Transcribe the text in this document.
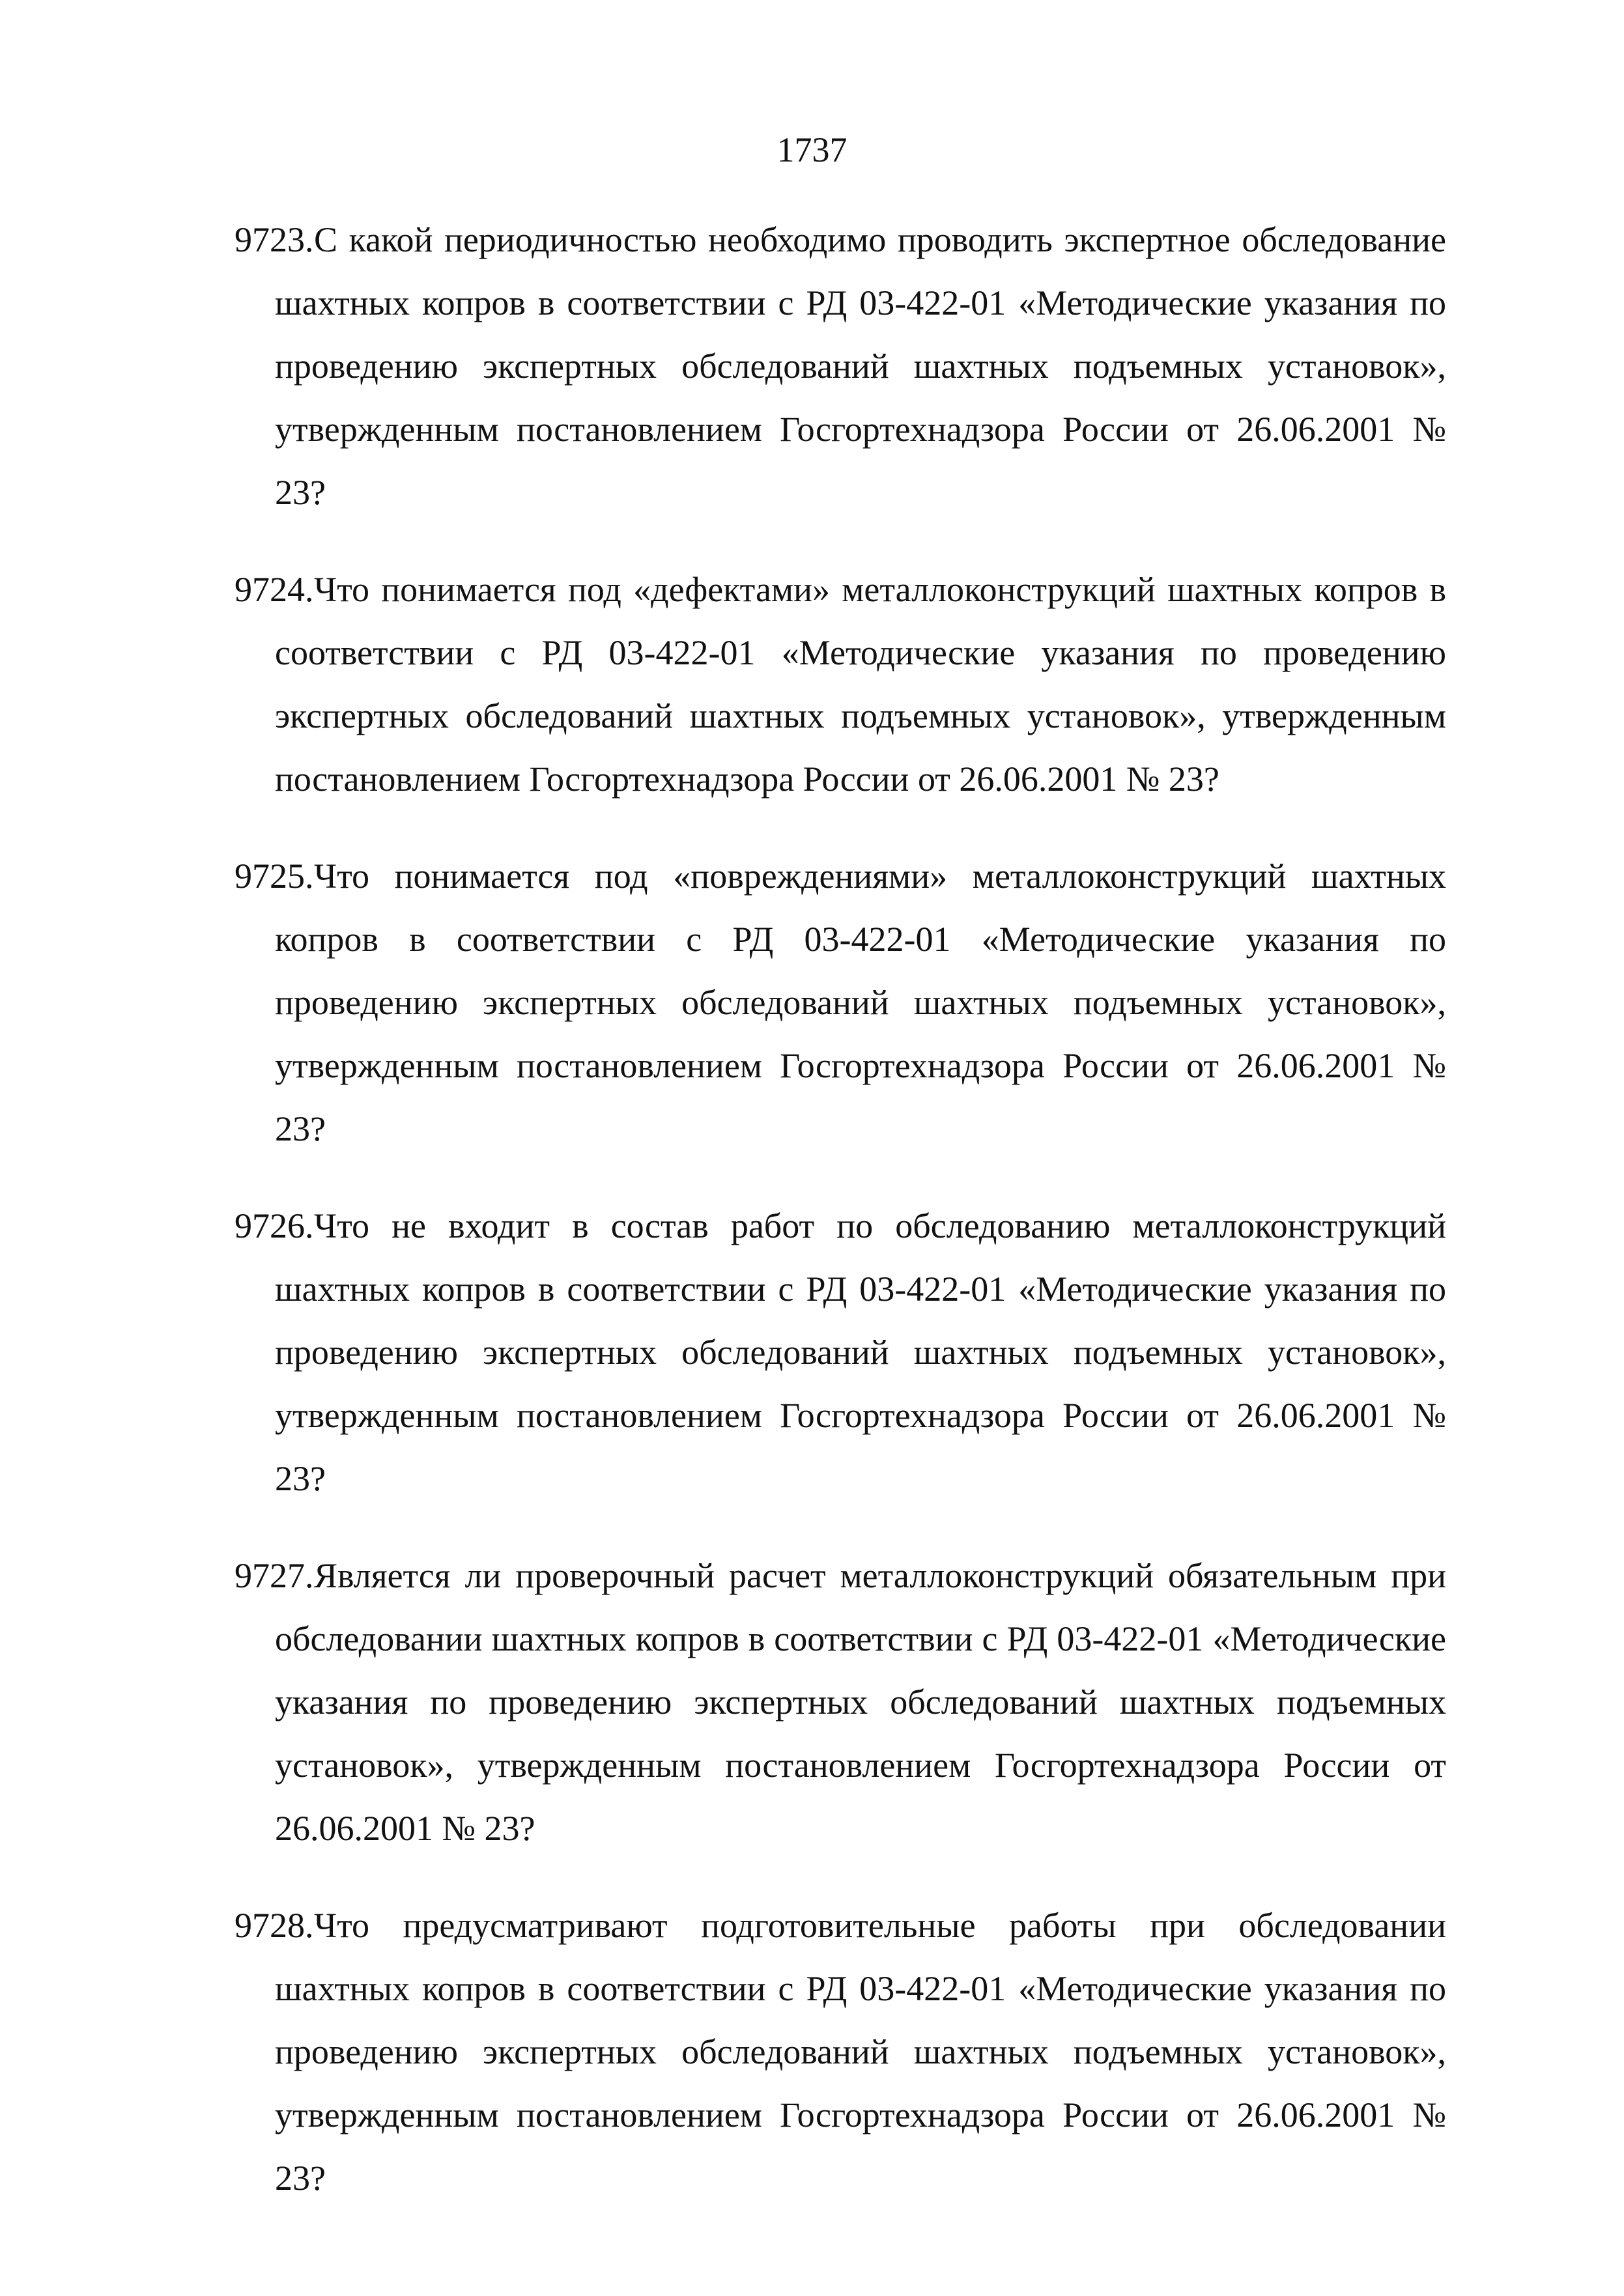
1737
9723. С какой периодичностью необходимо проводить экспертное обследование шахтных копров в соответствии с РД 03-422-01 «Методические указания по проведению экспертных обследований шахтных подъемных установок», утвержденным постановлением Госгортехнадзора России от 26.06.2001 № 23?
9724. Что понимается под «дефектами» металлоконструкций шахтных копров в соответствии с РД 03-422-01 «Методические указания по проведению экспертных обследований шахтных подъемных установок», утвержденным постановлением Госгортехнадзора России от 26.06.2001 № 23?
9725. Что понимается под «повреждениями» металлоконструкций шахтных копров в соответствии с РД 03-422-01 «Методические указания по проведению экспертных обследований шахтных подъемных установок», утвержденным постановлением Госгортехнадзора России от 26.06.2001 № 23?
9726. Что не входит в состав работ по обследованию металлоконструкций шахтных копров в соответствии с РД 03-422-01 «Методические указания по проведению экспертных обследований шахтных подъемных установок», утвержденным постановлением Госгортехнадзора России от 26.06.2001 № 23?
9727. Является ли проверочный расчет металлоконструкций обязательным при обследовании шахтных копров в соответствии с РД 03-422-01 «Методические указания по проведению экспертных обследований шахтных подъемных установок», утвержденным постановлением Госгортехнадзора России от 26.06.2001 № 23?
9728. Что предусматривают подготовительные работы при обследовании шахтных копров в соответствии с РД 03-422-01 «Методические указания по проведению экспертных обследований шахтных подъемных установок», утвержденным постановлением Госгортехнадзора России от 26.06.2001 № 23?
